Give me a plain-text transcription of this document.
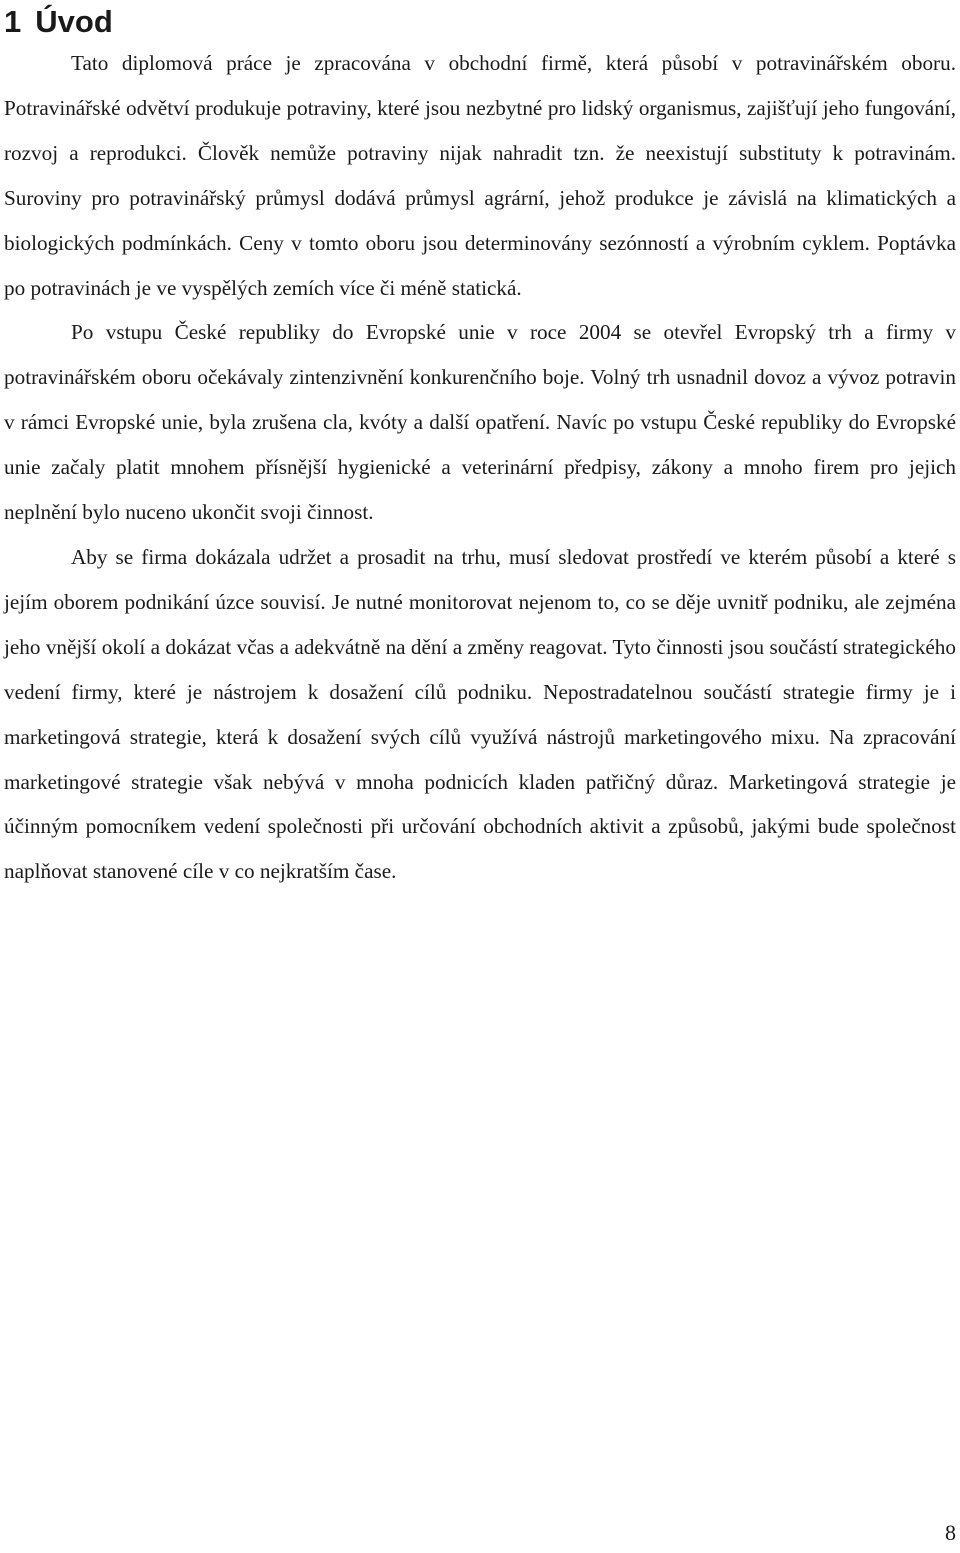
1 Úvod

Tato diplomová práce je zpracována v obchodní firmě, která působí v potravinářském oboru. Potravinářské odvětví produkuje potraviny, které jsou nezbytné pro lidský organismus, zajišťují jeho fungování, rozvoj a reprodukci. Člověk nemůže potraviny nijak nahradit tzn. že neexistují substituty k potravinám. Suroviny pro potravinářský průmysl dodává průmysl agrární, jehož produkce je závislá na klimatických a biologických podmínkách. Ceny v tomto oboru jsou determinovány sezónností a výrobním cyklem. Poptávka po potravinách je ve vyspělých zemích více či méně statická.

Po vstupu České republiky do Evropské unie v roce 2004 se otevřel Evropský trh a firmy v potravinářském oboru očekávaly zintenzivnění konkurenčního boje. Volný trh usnadnil dovoz a vývoz potravin v rámci Evropské unie, byla zrušena cla, kvóty a další opatření. Navíc po vstupu České republiky do Evropské unie začaly platit mnohem přísnější hygienické a veterinární předpisy, zákony a mnoho firem pro jejich neplnění bylo nuceno ukončit svoji činnost.

Aby se firma dokázala udržet a prosadit na trhu, musí sledovat prostředí ve kterém působí a které s jejím oborem podnikání úzce souvisí. Je nutné monitorovat nejenom to, co se děje uvnitř podniku, ale zejména jeho vnější okolí a dokázat včas a adekvátně na dění a změny reagovat. Tyto činnosti jsou součástí strategického vedení firmy, které je nástrojem k dosažení cílů podniku. Nepostradatelnou součástí strategie firmy je i marketingová strategie, která k dosažení svých cílů využívá nástrojů marketingového mixu. Na zpracování marketingové strategie však nebývá v mnoha podnicích kladen patřičný důraz. Marketingová strategie je účinným pomocníkem vedení společnosti při určování obchodních aktivit a způsobů, jakými bude společnost naplňovat stanovené cíle v co nejkratším čase.

8
